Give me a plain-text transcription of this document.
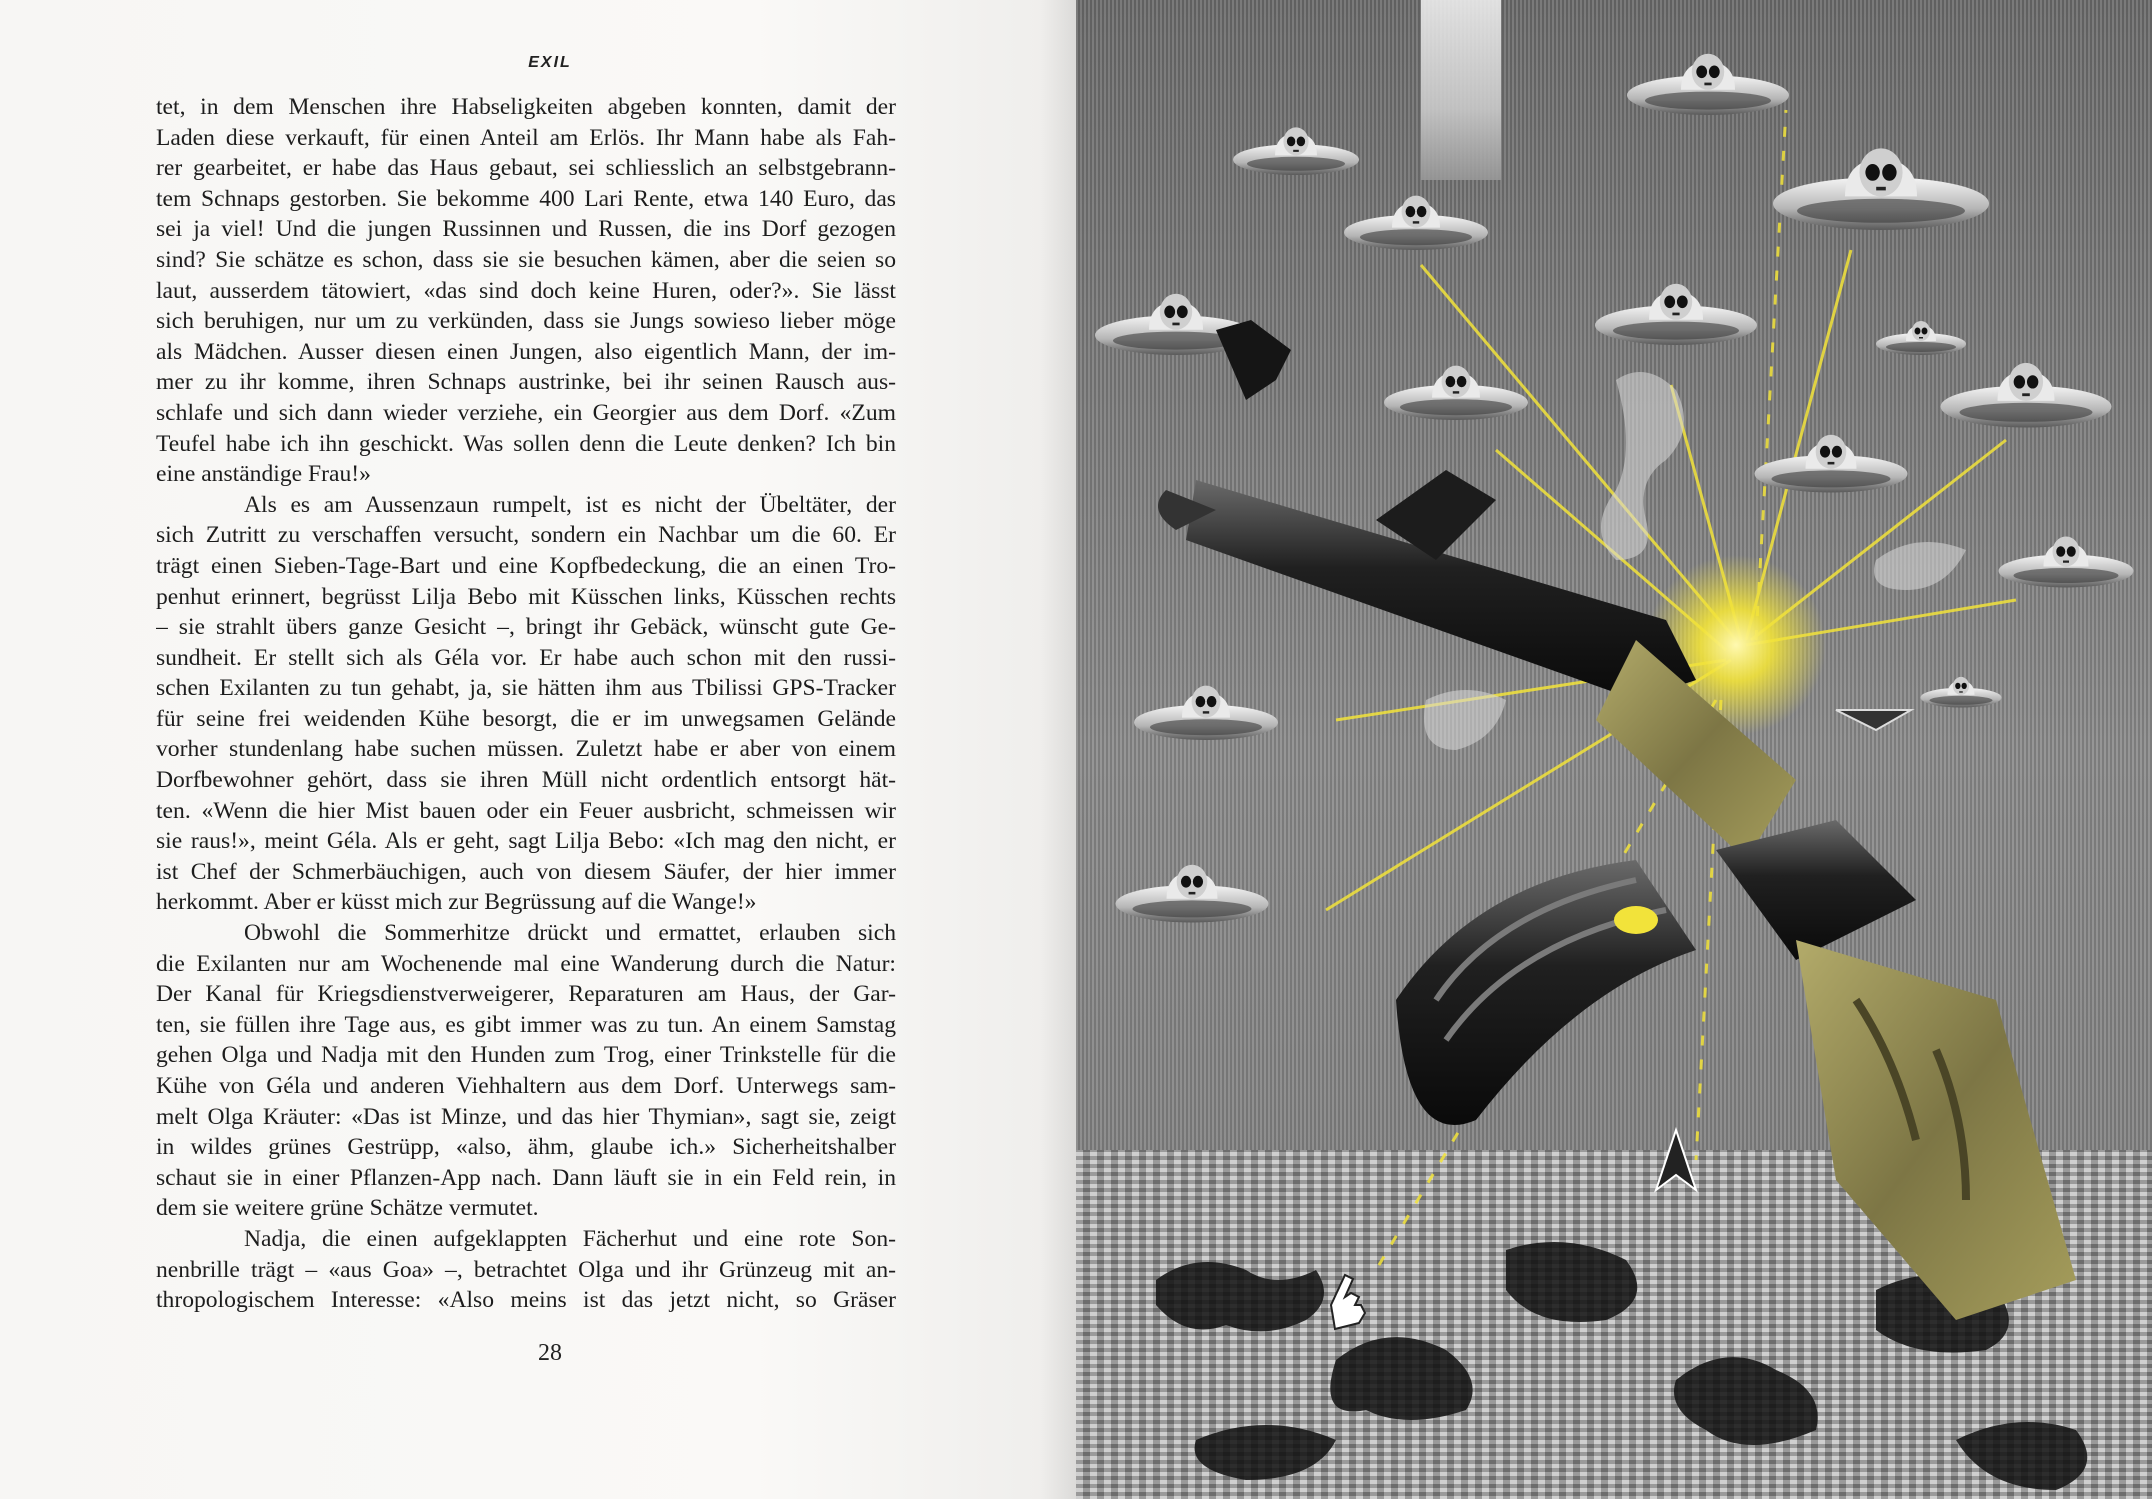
EXIL
tet, in dem Menschen ihre Habseligkeiten abgeben konnten, damit der
Laden diese verkauft, für einen Anteil am Erlös. Ihr Mann habe als Fah-
rer gearbeitet, er habe das Haus gebaut, sei schliesslich an selbstgebrann-
tem Schnaps gestorben. Sie bekomme 400 Lari Rente, etwa 140 Euro, das
sei ja viel! Und die jungen Russinnen und Russen, die ins Dorf gezogen
sind? Sie schätze es schon, dass sie sie besuchen kämen, aber die seien so
laut, ausserdem tätowiert, «das sind doch keine Huren, oder?». Sie lässt
sich beruhigen, nur um zu verkünden, dass sie Jungs sowieso lieber möge
als Mädchen. Ausser diesen einen Jungen, also eigentlich Mann, der im-
mer zu ihr komme, ihren Schnaps austrinke, bei ihr seinen Rausch aus-
schlafe und sich dann wieder verziehe, ein Georgier aus dem Dorf. «Zum
Teufel habe ich ihn geschickt. Was sollen denn die Leute denken? Ich bin
eine anständige Frau!»
Als es am Aussenzaun rumpelt, ist es nicht der Übeltäter, der
sich Zutritt zu verschaffen versucht, sondern ein Nachbar um die 60. Er
trägt einen Sieben-Tage-Bart und eine Kopfbedeckung, die an einen Tro-
penhut erinnert, begrüsst Lilja Bebo mit Küsschen links, Küsschen rechts
– sie strahlt übers ganze Gesicht –, bringt ihr Gebäck, wünscht gute Ge-
sundheit. Er stellt sich als Géla vor. Er habe auch schon mit den russi-
schen Exilanten zu tun gehabt, ja, sie hätten ihm aus Tbilissi GPS-Tracker
für seine frei weidenden Kühe besorgt, die er im unwegsamen Gelände
vorher stundenlang habe suchen müssen. Zuletzt habe er aber von einem
Dorfbewohner gehört, dass sie ihren Müll nicht ordentlich entsorgt hät-
ten. «Wenn die hier Mist bauen oder ein Feuer ausbricht, schmeissen wir
sie raus!», meint Géla. Als er geht, sagt Lilja Bebo: «Ich mag den nicht, er
ist Chef der Schmerbäuchigen, auch von diesem Säufer, der hier immer
herkommt. Aber er küsst mich zur Begrüssung auf die Wange!»
Obwohl die Sommerhitze drückt und ermattet, erlauben sich
die Exilanten nur am Wochenende mal eine Wanderung durch die Natur:
Der Kanal für Kriegsdienstverweigerer, Reparaturen am Haus, der Gar-
ten, sie füllen ihre Tage aus, es gibt immer was zu tun. An einem Samstag
gehen Olga und Nadja mit den Hunden zum Trog, einer Trinkstelle für die
Kühe von Géla und anderen Viehhaltern aus dem Dorf. Unterwegs sam-
melt Olga Kräuter: «Das ist Minze, und das hier Thymian», sagt sie, zeigt
in wildes grünes Gestrüpp, «also, ähm, glaube ich.» Sicherheitshalber
schaut sie in einer Pflanzen-App nach. Dann läuft sie in ein Feld rein, in
dem sie weitere grüne Schätze vermutet.
Nadja, die einen aufgeklappten Fächerhut und eine rote Son-
nenbrille trägt – «aus Goa» –, betrachtet Olga und ihr Grünzeug mit an-
thropologischem Interesse: «Also meins ist das jetzt nicht, so Gräser
28
